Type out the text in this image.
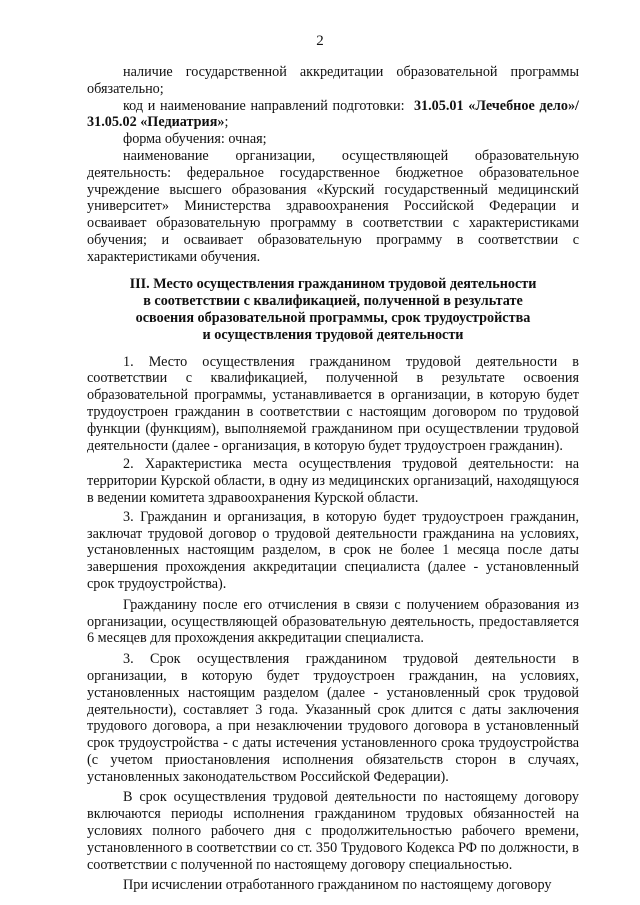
2

наличие государственной аккредитации образовательной программы обязательно;

код и наименование направлений подготовки: 31.05.01 «Лечебное дело»/ 31.05.02 «Педиатрия»;

форма обучения: очная;

наименование организации, осуществляющей образовательную деятельность: федеральное государственное бюджетное образовательное учреждение высшего образования «Курский государственный медицинский университет» Министерства здравоохранения Российской Федерации и осваивает образовательную программу в соответствии с характеристиками обучения; и осваивает образовательную программу в соответствии с характеристиками обучения.

III. Место осуществления гражданином трудовой деятельности
в соответствии с квалификацией, полученной в результате
освоения образовательной программы, срок трудоустройства
и осуществления трудовой деятельности

1. Место осуществления гражданином трудовой деятельности в соответствии с квалификацией, полученной в результате освоения образовательной программы, устанавливается в организации, в которую будет трудоустроен гражданин в соответствии с настоящим договором по трудовой функции (функциям), выполняемой гражданином при осуществлении трудовой деятельности (далее - организация, в которую будет трудоустроен гражданин).

2. Характеристика места осуществления трудовой деятельности: на территории Курской области, в одну из медицинских организаций, находящуюся в ведении комитета здравоохранения Курской области.

3. Гражданин и организация, в которую будет трудоустроен гражданин, заключат трудовой договор о трудовой деятельности гражданина на условиях, установленных настоящим разделом, в срок не более 1 месяца после даты завершения прохождения аккредитации специалиста (далее - установленный срок трудоустройства).

Гражданину после его отчисления в связи с получением образования из организации, осуществляющей образовательную деятельность, предоставляется 6 месяцев для прохождения аккредитации специалиста.

3. Срок осуществления гражданином трудовой деятельности в организации, в которую будет трудоустроен гражданин, на условиях, установленных настоящим разделом (далее - установленный срок трудовой деятельности), составляет 3 года. Указанный срок длится с даты заключения трудового договора, а при незаключении трудового договора в установленный срок трудоустройства - с даты истечения установленного срока трудоустройства (с учетом приостановления исполнения обязательств сторон в случаях, установленных законодательством Российской Федерации).

В срок осуществления трудовой деятельности по настоящему договору включаются периоды исполнения гражданином трудовых обязанностей на условиях полного рабочего дня с продолжительностью рабочего времени, установленного в соответствии со ст. 350 Трудового Кодекса РФ по должности, в соответствии с полученной по настоящему договору специальностью.

При исчислении отработанного гражданином по настоящему договору
